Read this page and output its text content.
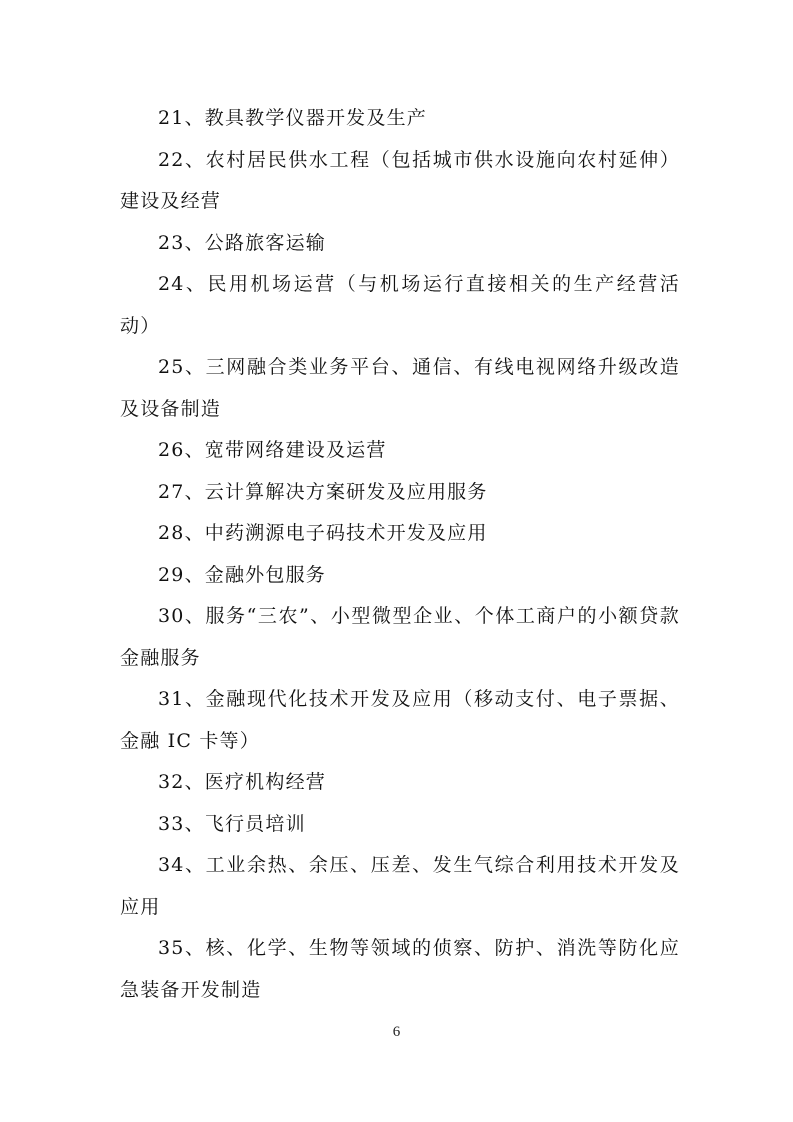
21、教具教学仪器开发及生产

22、农村居民供水工程（包括城市供水设施向农村延伸）建设及经营

23、公路旅客运输

24、民用机场运营（与机场运行直接相关的生产经营活动）

25、三网融合类业务平台、通信、有线电视网络升级改造及设备制造

26、宽带网络建设及运营

27、云计算解决方案研发及应用服务

28、中药溯源电子码技术开发及应用

29、金融外包服务

30、服务“三农”、小型微型企业、个体工商户的小额贷款金融服务

31、金融现代化技术开发及应用（移动支付、电子票据、金融 IC 卡等）

32、医疗机构经营

33、飞行员培训

34、工业余热、余压、压差、发生气综合利用技术开发及应用

35、核、化学、生物等领域的侦察、防护、消洗等防化应急装备开发制造

6
